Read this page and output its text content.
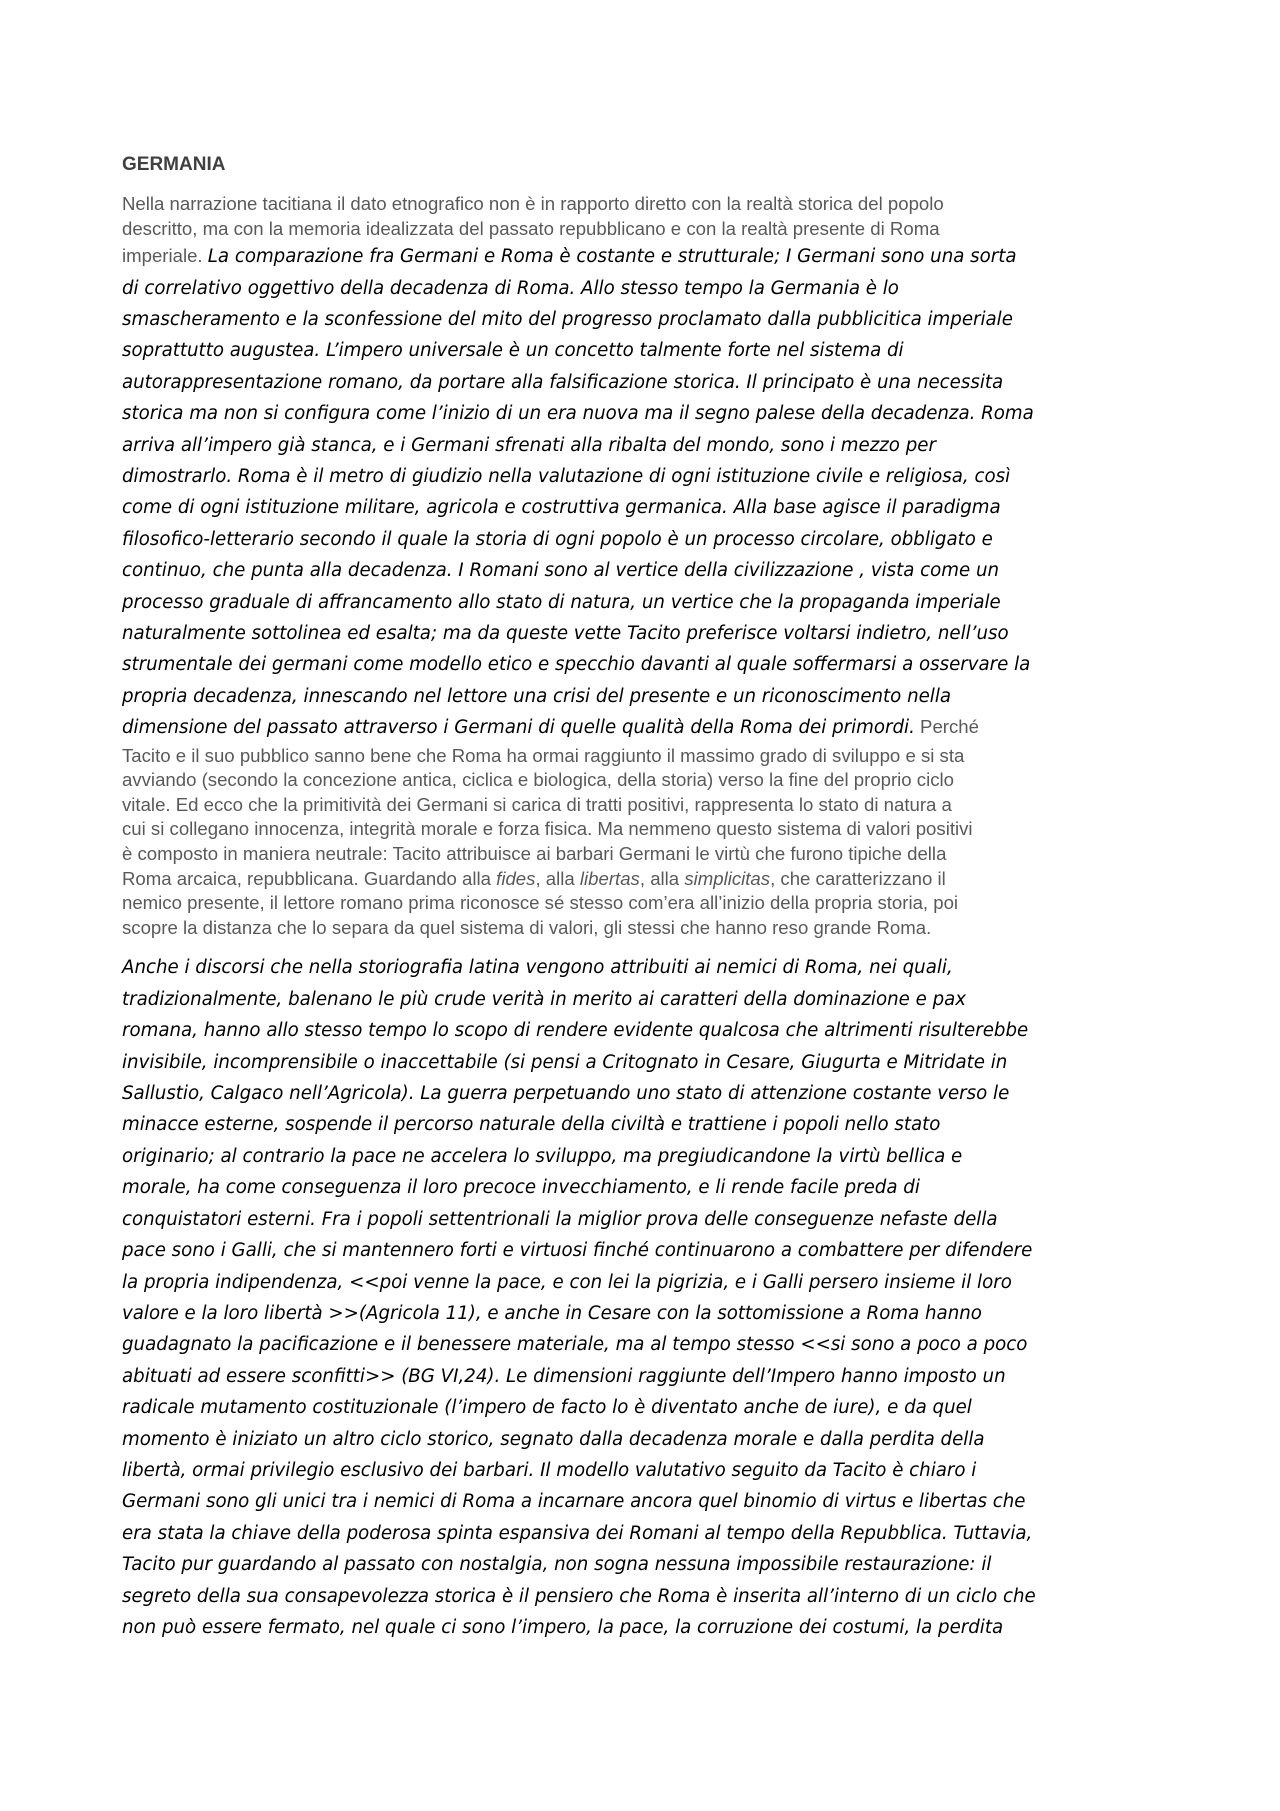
GERMANIA
Nella narrazione tacitiana il dato etnografico non è in rapporto diretto con la realtà storica del popolo
descritto, ma con la memoria idealizzata del passato repubblicano e con la realtà presente di Roma
imperiale. La comparazione fra Germani e Roma è costante e strutturale; I Germani sono una sorta
di correlativo oggettivo della decadenza di Roma. Allo stesso tempo la Germania è lo
smascheramento e la sconfessione del mito del progresso proclamato dalla pubblicitica imperiale
soprattutto augustea. L’impero universale è un concetto talmente forte nel sistema di
autorappresentazione romano, da portare alla falsificazione storica. Il principato è una necessita
storica ma non si configura come l’inizio di un era nuova ma il segno palese della decadenza. Roma
arriva all’impero già stanca, e i Germani sfrenati alla ribalta del mondo, sono i mezzo per
dimostrarlo. Roma è il metro di giudizio nella valutazione di ogni istituzione civile e religiosa, così
come di ogni istituzione militare, agricola e costruttiva germanica. Alla base agisce il paradigma
filosofico-letterario secondo il quale la storia di ogni popolo è un processo circolare, obbligato e
continuo, che punta alla decadenza. I Romani sono al vertice della civilizzazione , vista come un
processo graduale di affrancamento allo stato di natura, un vertice che la propaganda imperiale
naturalmente sottolinea ed esalta; ma da queste vette Tacito preferisce voltarsi indietro, nell’uso
strumentale dei germani come modello etico e specchio davanti al quale soffermarsi a osservare la
propria decadenza, innescando nel lettore una crisi del presente e un riconoscimento nella
dimensione del passato attraverso i Germani di quelle qualità della Roma dei primordi. Perché
Tacito e il suo pubblico sanno bene che Roma ha ormai raggiunto il massimo grado di sviluppo e si sta
avviando (secondo la concezione antica, ciclica e biologica, della storia) verso la fine del proprio ciclo
vitale. Ed ecco che la primitività dei Germani si carica di tratti positivi, rappresenta lo stato di natura a
cui si collegano innocenza, integrità morale e forza fisica. Ma nemmeno questo sistema di valori positivi
è composto in maniera neutrale: Tacito attribuisce ai barbari Germani le virtù che furono tipiche della
Roma arcaica, repubblicana. Guardando alla fides, alla libertas, alla simplicitas, che caratterizzano il
nemico presente, il lettore romano prima riconosce sé stesso com’era all’inizio della propria storia, poi
scopre la distanza che lo separa da quel sistema di valori, gli stessi che hanno reso grande Roma.
Anche i discorsi che nella storiografia latina vengono attribuiti ai nemici di Roma, nei quali,
tradizionalmente, balenano le più crude verità in merito ai caratteri della dominazione e pax
romana, hanno allo stesso tempo lo scopo di rendere evidente qualcosa che altrimenti risulterebbe
invisibile, incomprensibile o inaccettabile (si pensi a Critognato in Cesare, Giugurta e Mitridate in
Sallustio, Calgaco nell’Agricola). La guerra perpetuando uno stato di attenzione costante verso le
minacce esterne, sospende il percorso naturale della civiltà e trattiene i popoli nello stato
originario; al contrario la pace ne accelera lo sviluppo, ma pregiudicandone la virtù bellica e
morale, ha come conseguenza il loro precoce invecchiamento, e li rende facile preda di
conquistatori esterni. Fra i popoli settentrionali la miglior prova delle conseguenze nefaste della
pace sono i Galli, che si mantennero forti e virtuosi finché continuarono a combattere per difendere
la propria indipendenza, <<poi venne la pace, e con lei la pigrizia, e i Galli persero insieme il loro
valore e la loro libertà >>(Agricola 11), e anche in Cesare con la sottomissione a Roma hanno
guadagnato la pacificazione e il benessere materiale, ma al tempo stesso <<si sono a poco a poco
abituati ad essere sconfitti>> (BG VI,24). Le dimensioni raggiunte dell’Impero hanno imposto un
radicale mutamento costituzionale (l’impero de facto lo è diventato anche de iure), e da quel
momento è iniziato un altro ciclo storico, segnato dalla decadenza morale e dalla perdita della
libertà, ormai privilegio esclusivo dei barbari. Il modello valutativo seguito da Tacito è chiaro i
Germani sono gli unici tra i nemici di Roma a incarnare ancora quel binomio di virtus e libertas che
era stata la chiave della poderosa spinta espansiva dei Romani al tempo della Repubblica. Tuttavia,
Tacito pur guardando al passato con nostalgia, non sogna nessuna impossibile restaurazione: il
segreto della sua consapevolezza storica è il pensiero che Roma è inserita all’interno di un ciclo che
non può essere fermato, nel quale ci sono l’impero, la pace, la corruzione dei costumi, la perdita
